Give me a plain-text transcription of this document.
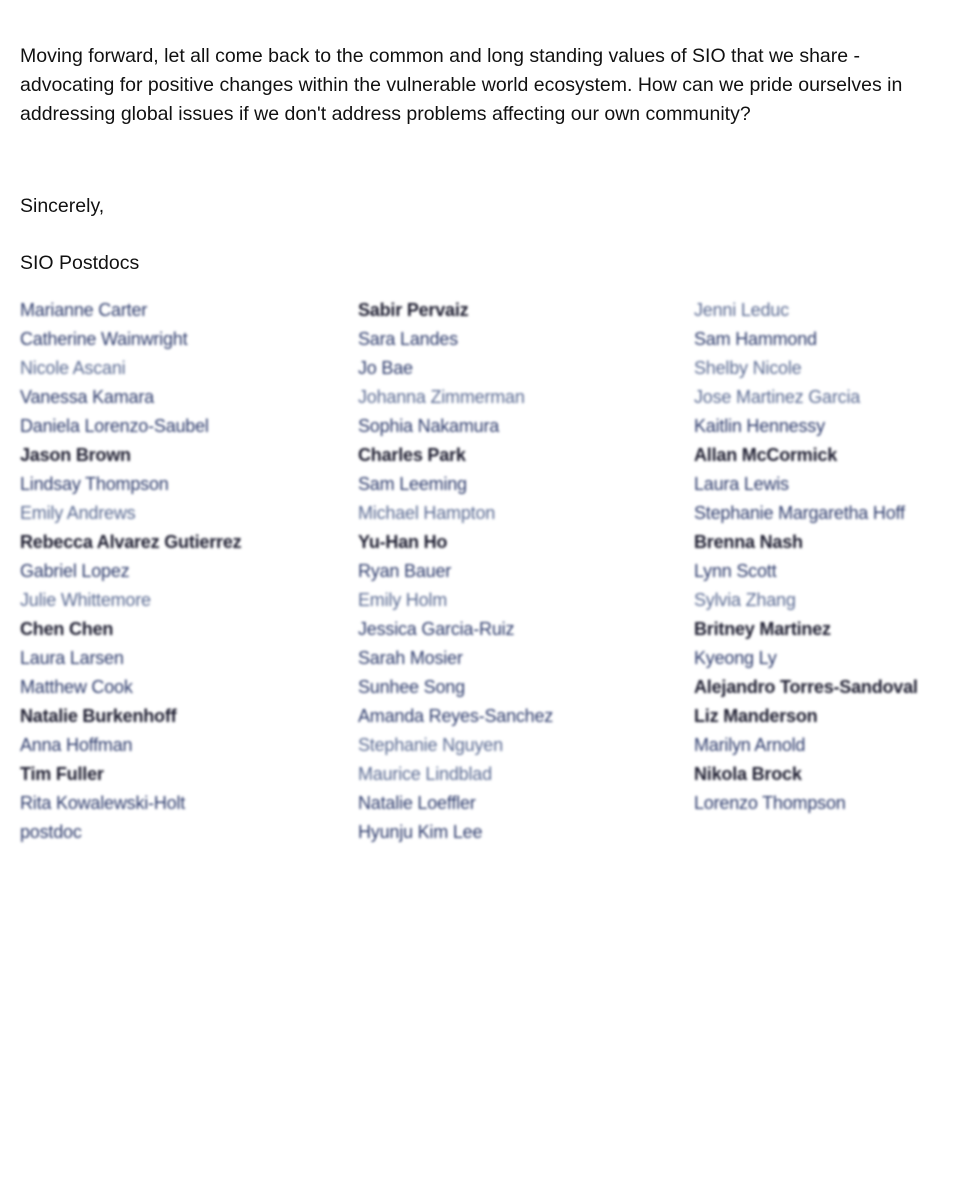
Moving forward, let all come back to the common and long standing values of SIO that we share - advocating for positive changes within the vulnerable world ecosystem. How can we pride ourselves in addressing global issues if we don't address problems affecting our own community?

Sincerely,

SIO Postdocs

Marianne Carter
Catherine Wainwright
Nicole Ascani
Vanessa Kamara
Daniela Lorenzo-Saubel
Jason Brown
Lindsay Thompson
Emily Andrews
Rebecca Alvarez Gutierrez
Gabriel Lopez
Julie Whittemore
Chen Chen
Laura Larsen
Matthew Cook
Natalie Burkenhoff
Anna Hoffman
Tim Fuller
Rita Kowalewski-Holt
postdoc
Sabir Pervaiz
Sara Landes
Jo Bae
Johanna Zimmerman
Sophia Nakamura
Charles Park
Sam Leeming
Michael Hampton
Yu-Han Ho
Ryan Bauer
Emily Holm
Jessica Garcia-Ruiz
Sarah Mosier
Sunhee Song
Amanda Reyes-Sanchez
Stephanie Nguyen
Maurice Lindblad
Natalie Loeffler
Hyunju Kim Lee
Jenni Leduc
Sam Hammond
Shelby Nicole
Jose Martinez Garcia
Kaitlin Hennessy
Allan McCormick
Laura Lewis
Stephanie Margaretha Hoff
Brenna Nash
Lynn Scott
Sylvia Zhang
Britney Martinez
Kyeong Ly
Alejandro Torres-Sandoval
Liz Manderson
Marilyn Arnold
Nikola Brock
Lorenzo Thompson
